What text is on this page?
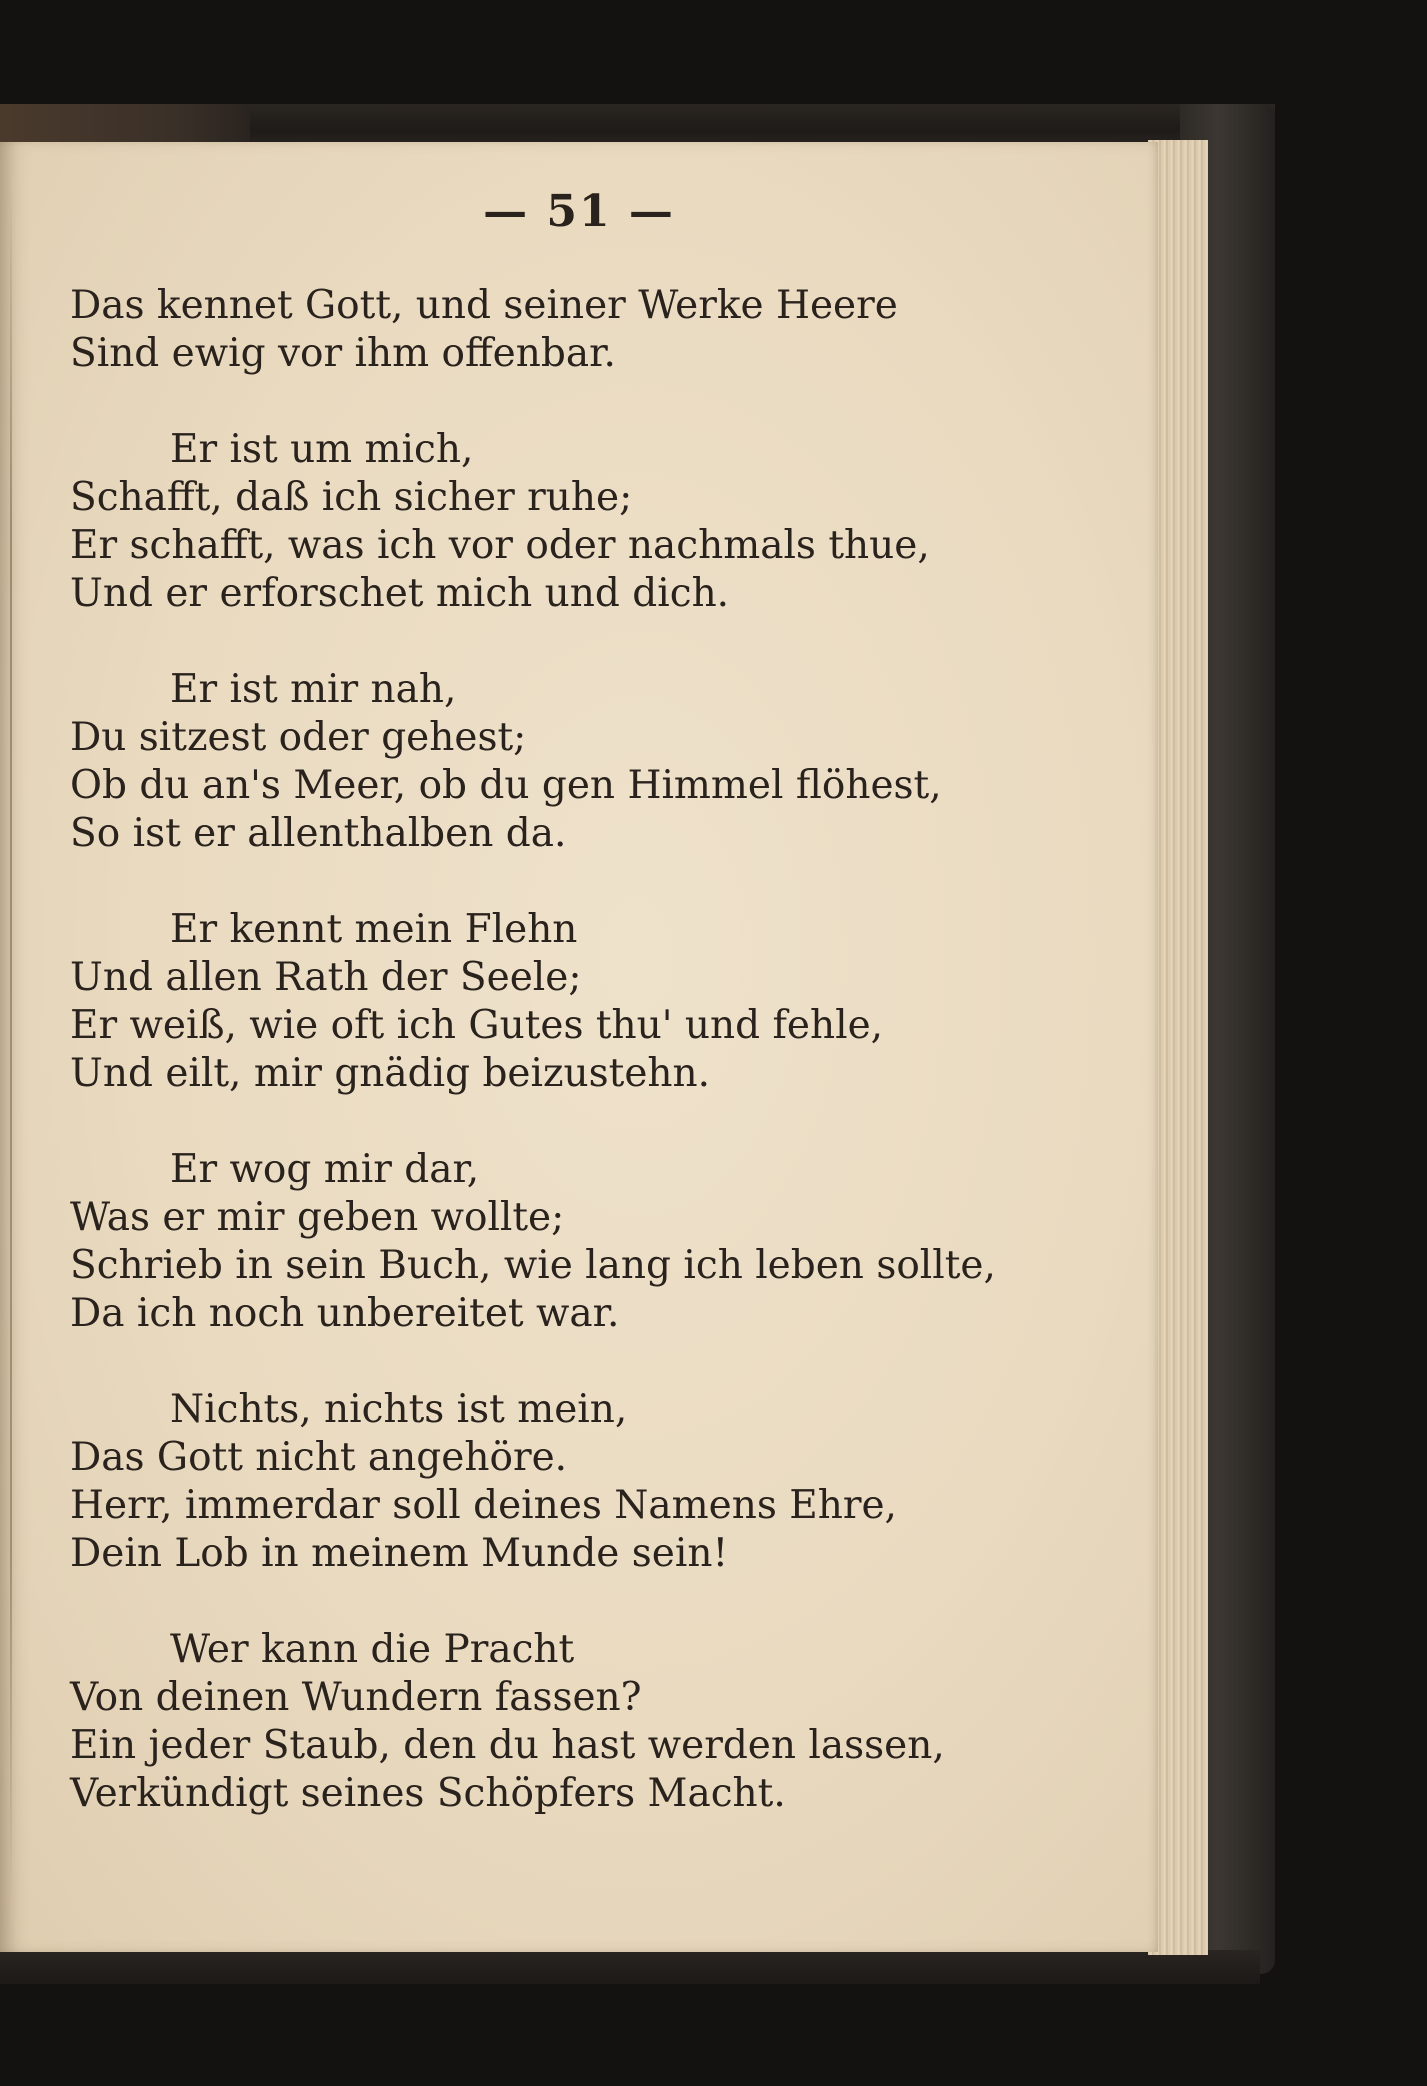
— 51 —
Das kennet Gott, und seiner Werke Heere
Sind ewig vor ihm offenbar.
Er ist um mich,
Schafft, daß ich sicher ruhe;
Er schafft, was ich vor oder nachmals thue,
Und er erforschet mich und dich.
Er ist mir nah,
Du sitzest oder gehest;
Ob du an's Meer, ob du gen Himmel flöhest,
So ist er allenthalben da.
Er kennt mein Flehn
Und allen Rath der Seele;
Er weiß, wie oft ich Gutes thu' und fehle,
Und eilt, mir gnädig beizustehn.
Er wog mir dar,
Was er mir geben wollte;
Schrieb in sein Buch, wie lang ich leben sollte,
Da ich noch unbereitet war.
Nichts, nichts ist mein,
Das Gott nicht angehöre.
Herr, immerdar soll deines Namens Ehre,
Dein Lob in meinem Munde sein!
Wer kann die Pracht
Von deinen Wundern fassen?
Ein jeder Staub, den du hast werden lassen,
Verkündigt seines Schöpfers Macht.
